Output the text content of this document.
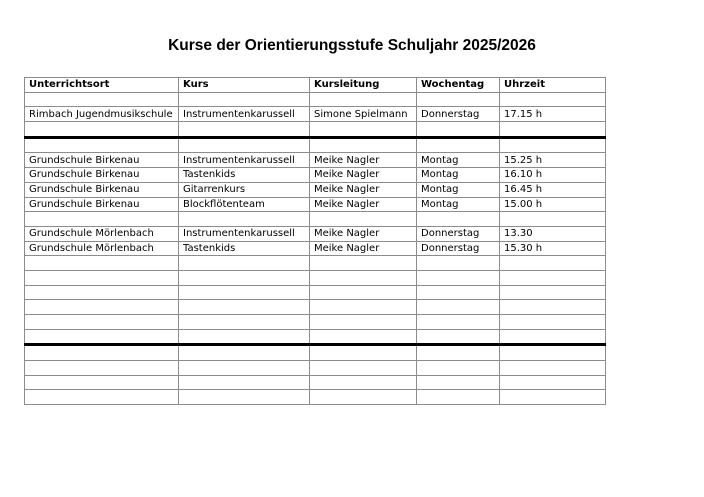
Kurse der Orientierungsstufe Schuljahr 2025/2026
Unterrichtsort	Kurs	Kursleitung	Wochentag	Uhrzeit

Rimbach Jugendmusikschule	Instrumentenkarussell	Simone Spielmann	Donnerstag	17.15 h

Grundschule Birkenau	Instrumentenkarussell	Meike Nagler	Montag	15.25 h
Grundschule Birkenau	Tastenkids	Meike Nagler	Montag	16.10 h
Grundschule Birkenau	Gitarrenkurs	Meike Nagler	Montag	16.45 h
Grundschule Birkenau	Blockflötenteam	Meike Nagler	Montag	15.00 h

Grundschule Mörlenbach	Instrumentenkarussell	Meike Nagler	Donnerstag	13.30
Grundschule Mörlenbach	Tastenkids	Meike Nagler	Donnerstag	15.30 h
